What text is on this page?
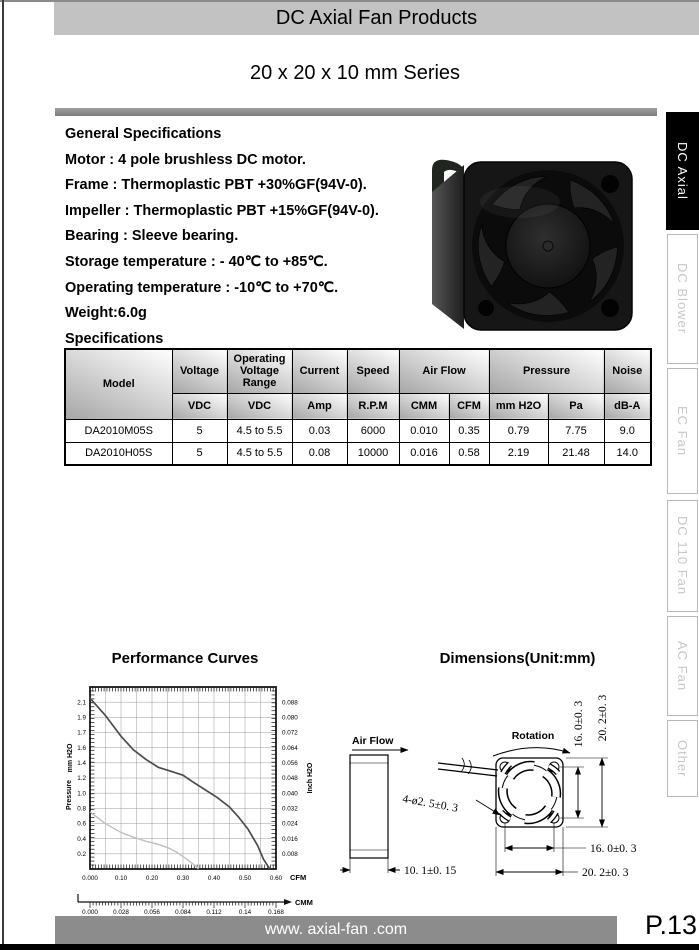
DC Axial Fan Products
20 x 20 x 10 mm Series
General Specifications
Motor : 4 pole brushless DC motor.
Frame : Thermoplastic PBT +30%GF(94V-0).
Impeller : Thermoplastic PBT +15%GF(94V-0).
Bearing : Sleeve bearing.
Storage temperature : - 40℃ to +85℃.
Operating temperature : -10℃ to +70℃.
Weight:6.0g
Specifications
Model	Voltage	Operating Voltage Range	Current	Speed	Air Flow		Pressure		Noise
	VDC	VDC	Amp	R.P.M	CMM	CFM	mm H2O	Pa	dB-A
DA2010M05S	5	4.5 to 5.5	0.03	6000	0.010	0.35	0.79	7.75	9.0
DA2010H05S	5	4.5 to 5.5	0.08	10000	0.016	0.58	2.19	21.48	14.0
Performance Curves	Dimensions(Unit:mm)
2.1
1.9
1.7
1.6
1.4
1.2
1.0
0.8
0.6
0.4
0.2
0.088
0.080
0.072
0.064
0.056
0.048
0.040
0.032
0.024
0.016
0.008
0.000	0.10	0.20	0.30	0.40	0.50	0.60 CFM
0.000 0.028 0.056 0.084 0.112	0.14	0.168
CMM
Pressure
mm H2O
Inch H2O
Air Flow	Rotation
10. 1±0. 15
4-ø2. 5±0. 3
16. 0±0. 3 20. 2±0. 3
16. 0±0. 3
20. 2±0. 3
www. axial-fan .com	P.13
DC Axial
DC Blower
EC Fan
DC 110 Fan
AC Fan
Other
